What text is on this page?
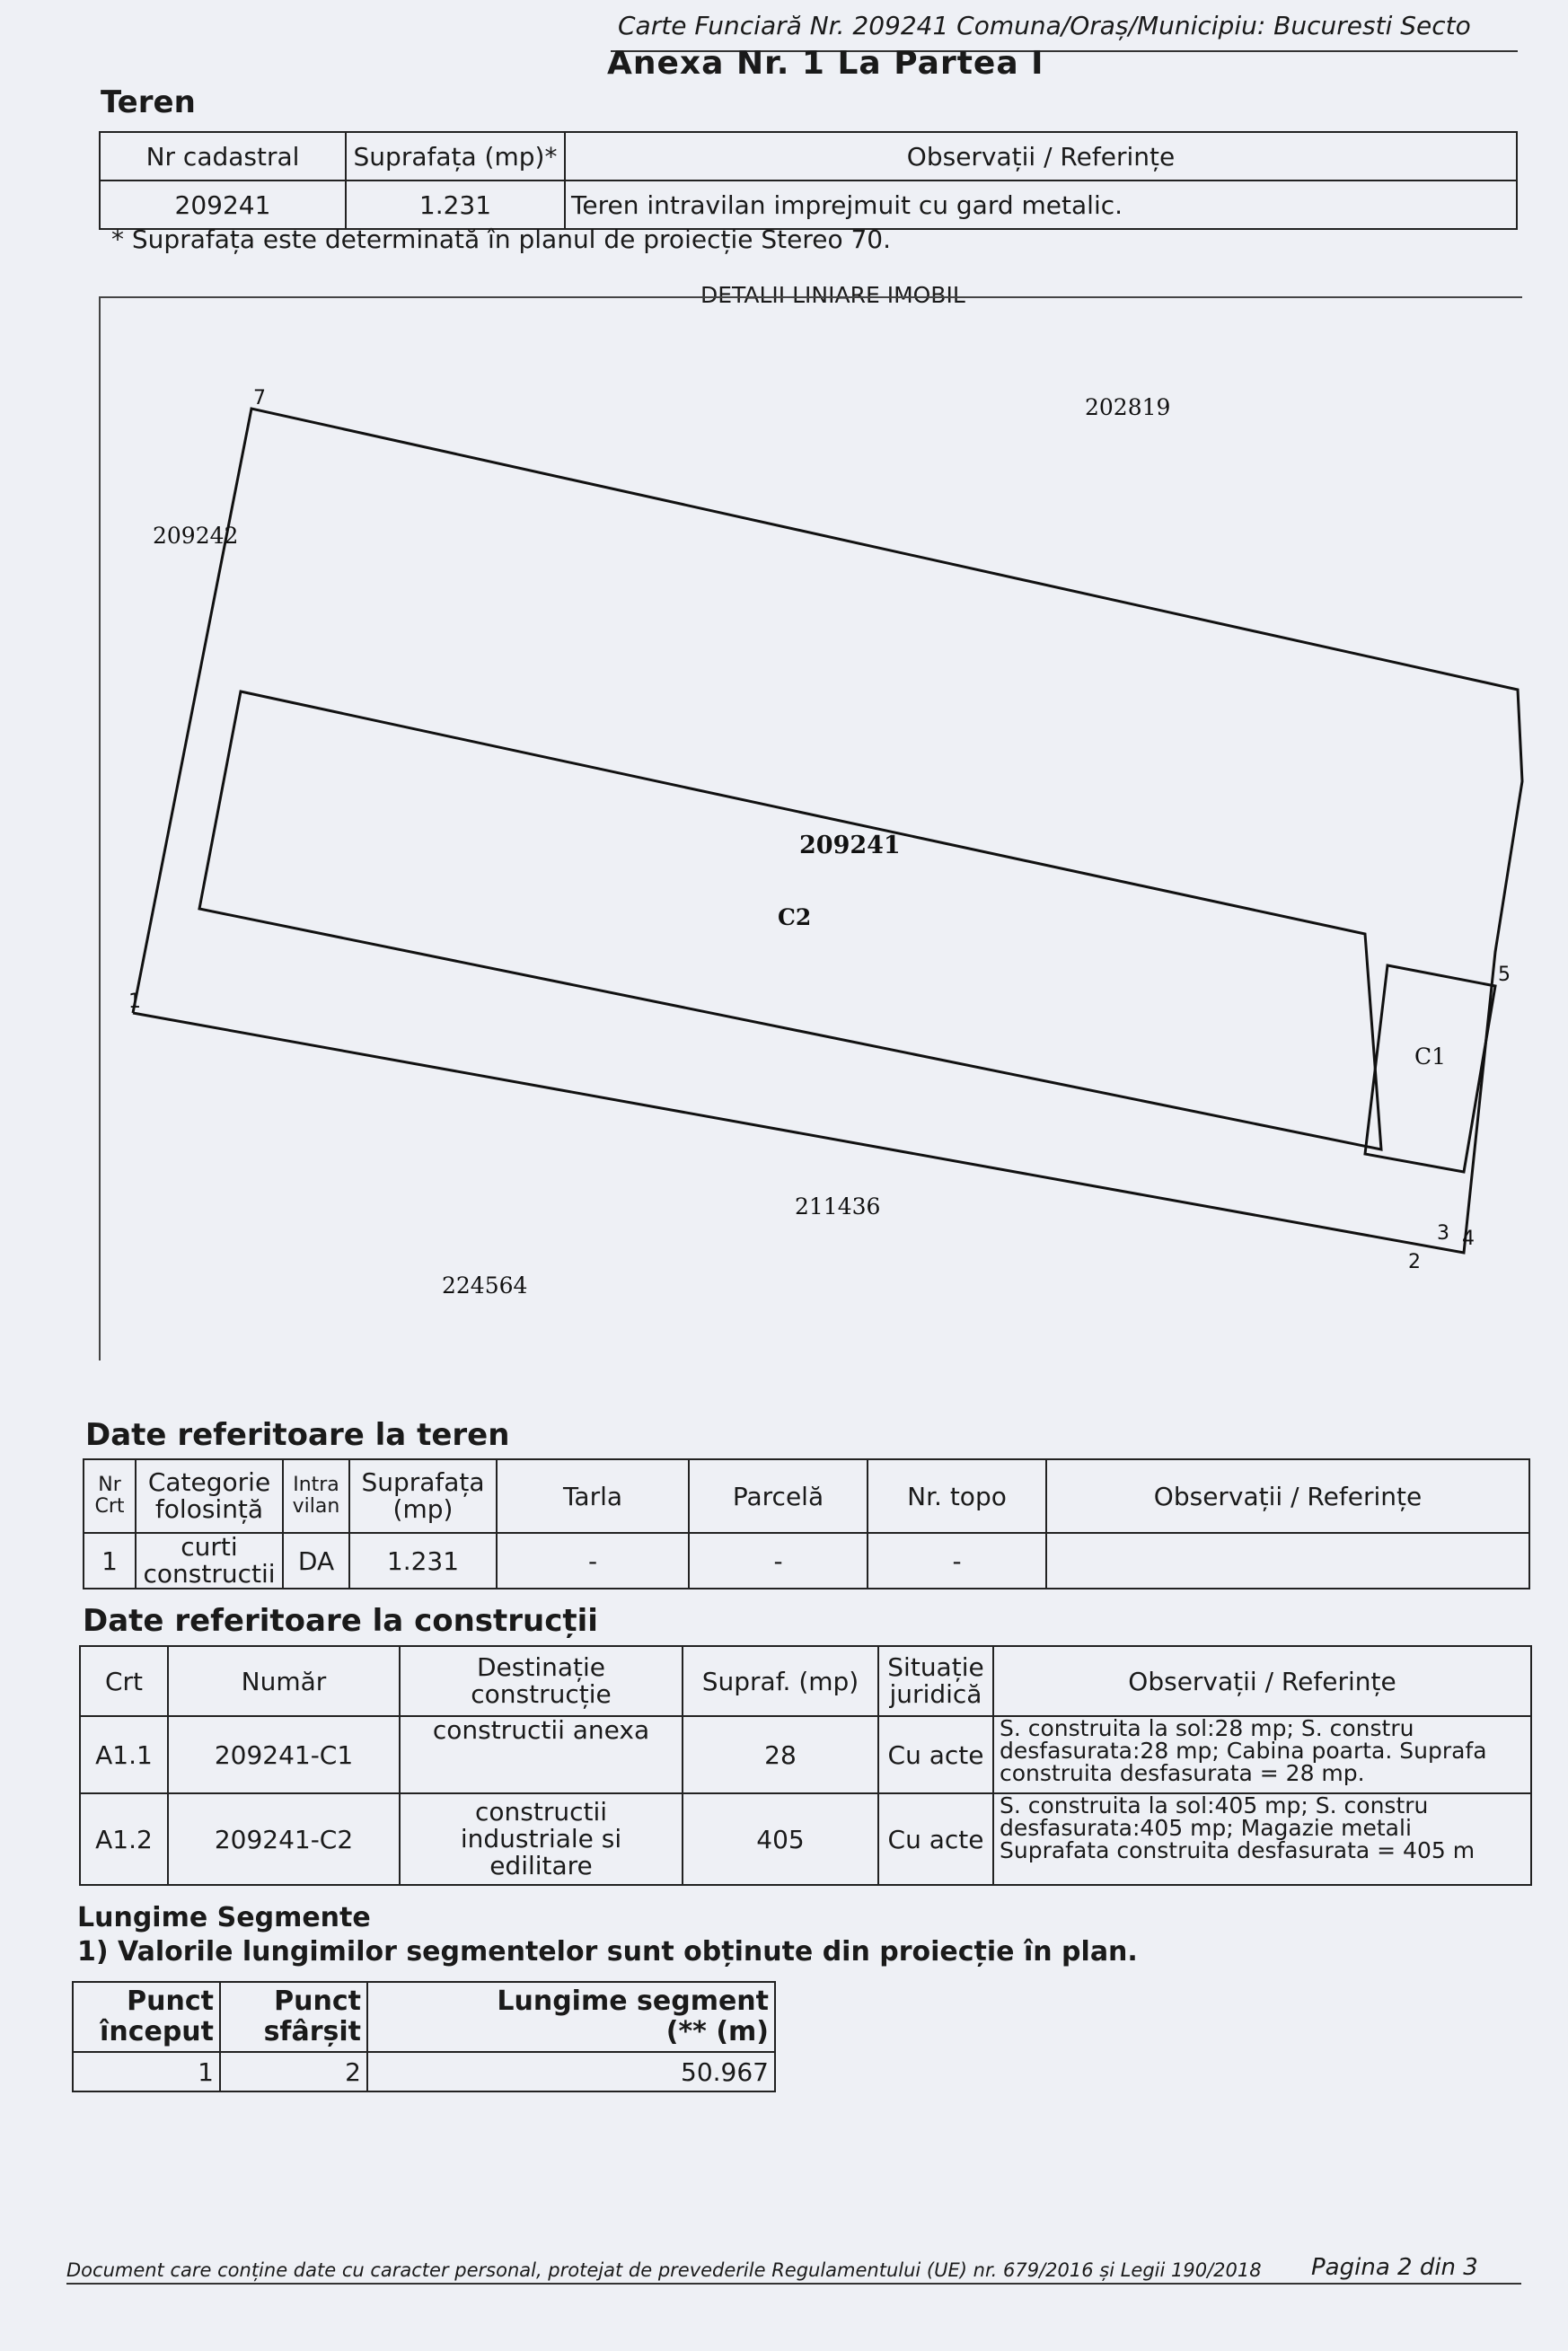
Carte Funciară Nr. 209241 Comuna/Oraș/Municipiu: Bucuresti Secto
Anexa Nr. 1 La Partea I
Teren
Nr cadastral	Suprafața (mp)*	Observații / Referințe
209241	1.231	Teren intravilan imprejmuit cu gard metalic.
* Suprafața este determinată în planul de proiecție Stereo 70.
DETALII LINIARE IMOBIL
202819
209242
209241
211436
224564
C2
C1
1
2
3 4
5
7
Date referitoare la teren
Nr Crt	Categorie folosință	Intra vilan	Suprafața (mp)	Tarla	Parcelă	Nr. topo	Observații / Referințe
1	curti constructii	DA	1.231	-	-	-	
Date referitoare la construcții
Crt	Număr	Destinație construcție	Supraf. (mp)	Situație juridică	Observații / Referințe
A1.1	209241-C1	constructii anexa	28	Cu acte	S. construita la sol:28 mp; S. constru
desfasurata:28 mp; Cabina poarta. Suprafa
construita desfasurata = 28 mp.

A1.2	209241-C2	constructii industriale si edilitare	405	Cu acte	S. construita la sol:405 mp; S. constru
desfasurata:405 mp; Magazie metali
Suprafata construita desfasurata = 405 m
Lungime Segmente
1) Valorile lungimilor segmentelor sunt obținute din proiecție în plan.
Punct început	Punct sfârșit	Lungime segment
(** (m)

1	2	50.967
Document care conține date cu caracter personal, protejat de prevederile Regulamentului (UE) nr. 679/2016 și Legii 190/2018 Pagina 2 din 3
